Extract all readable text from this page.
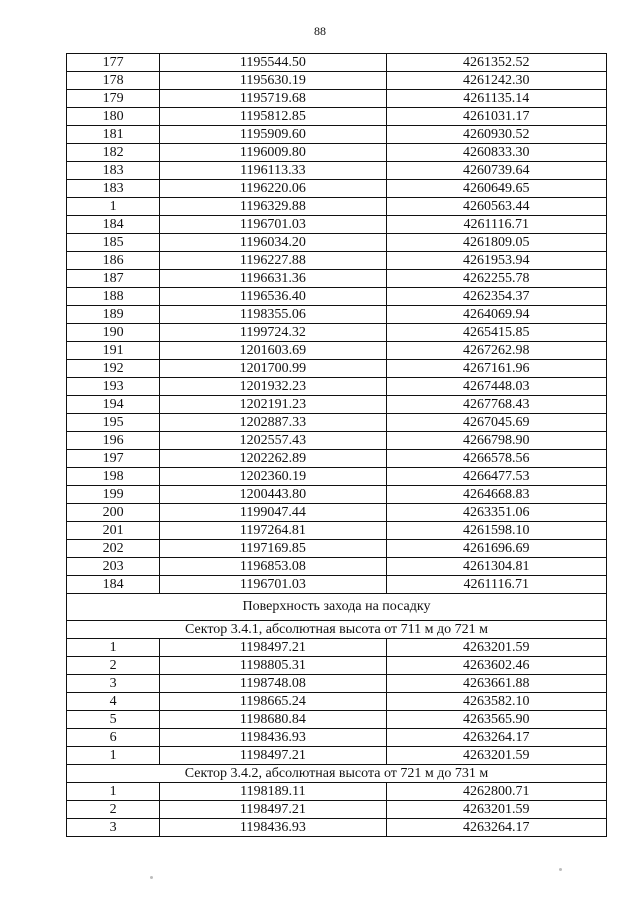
88
177	1195544.50	4261352.52
178	1195630.19	4261242.30
179	1195719.68	4261135.14
180	1195812.85	4261031.17
181	1195909.60	4260930.52
182	1196009.80	4260833.30
183	1196113.33	4260739.64
183	1196220.06	4260649.65
1	1196329.88	4260563.44
184	1196701.03	4261116.71
185	1196034.20	4261809.05
186	1196227.88	4261953.94
187	1196631.36	4262255.78
188	1196536.40	4262354.37
189	1198355.06	4264069.94
190	1199724.32	4265415.85
191	1201603.69	4267262.98
192	1201700.99	4267161.96
193	1201932.23	4267448.03
194	1202191.23	4267768.43
195	1202887.33	4267045.69
196	1202557.43	4266798.90
197	1202262.89	4266578.56
198	1202360.19	4266477.53
199	1200443.80	4264668.83
200	1199047.44	4263351.06
201	1197264.81	4261598.10
202	1197169.85	4261696.69
203	1196853.08	4261304.81
184	1196701.03	4261116.71
Поверхность захода на посадку		
Сектор 3.4.1, абсолютная высота от 711 м до 721 м		
1	1198497.21	4263201.59
2	1198805.31	4263602.46
3	1198748.08	4263661.88
4	1198665.24	4263582.10
5	1198680.84	4263565.90
6	1198436.93	4263264.17
1	1198497.21	4263201.59
Сектор 3.4.2, абсолютная высота от 721 м до 731 м		
1	1198189.11	4262800.71
2	1198497.21	4263201.59
3	1198436.93	4263264.17
